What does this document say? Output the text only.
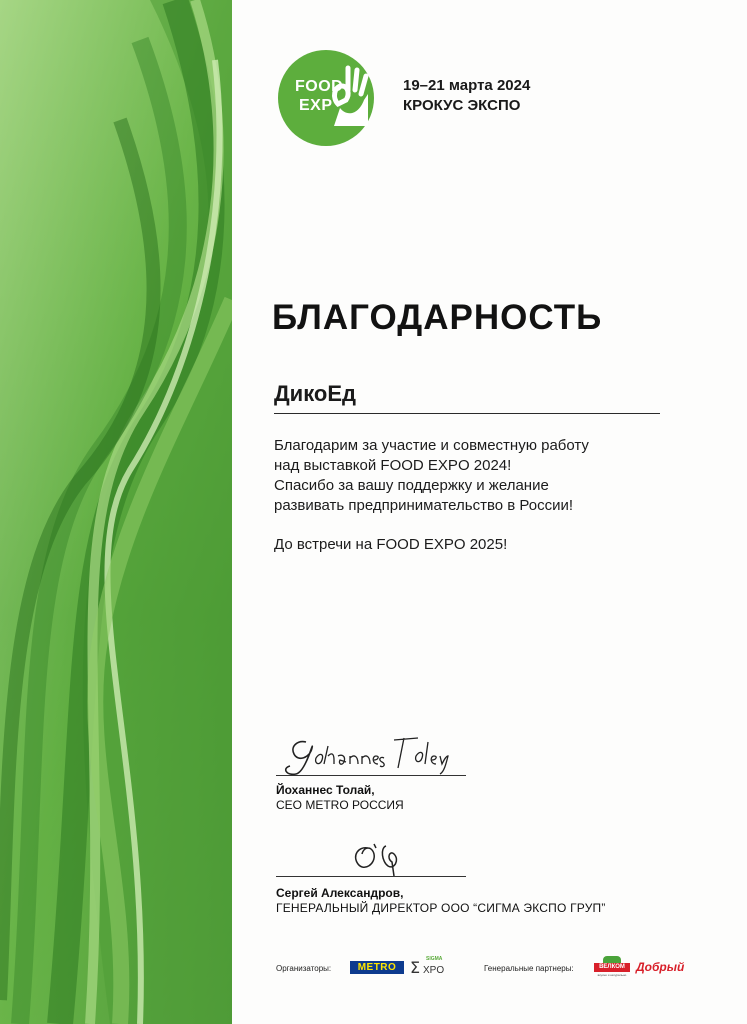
FOOD
EXP
19–21 марта 2024
КРОКУС ЭКСПО
БЛАГОДАРНОСТЬ
ДикоЕд
Благодарим за участие и совместную работу
над выставкой FOOD EXPO 2024!
Спасибо за вашу поддержку и желание
развивать предпринимательство в России!
До встречи на FOOD EXPO 2025!
Йоханнес Толай,
CEO METRO РОССИЯ
Сергей Александров,
ГЕНЕРАЛЬНЫЙ ДИРЕКТОР ООО “СИГМА ЭКСПО ГРУП”
Организаторы:	METRO Σ SIGMA
XPO	Генеральные партнеры:	ВЕЛКОМ
вкусно и натурально
Добрый
